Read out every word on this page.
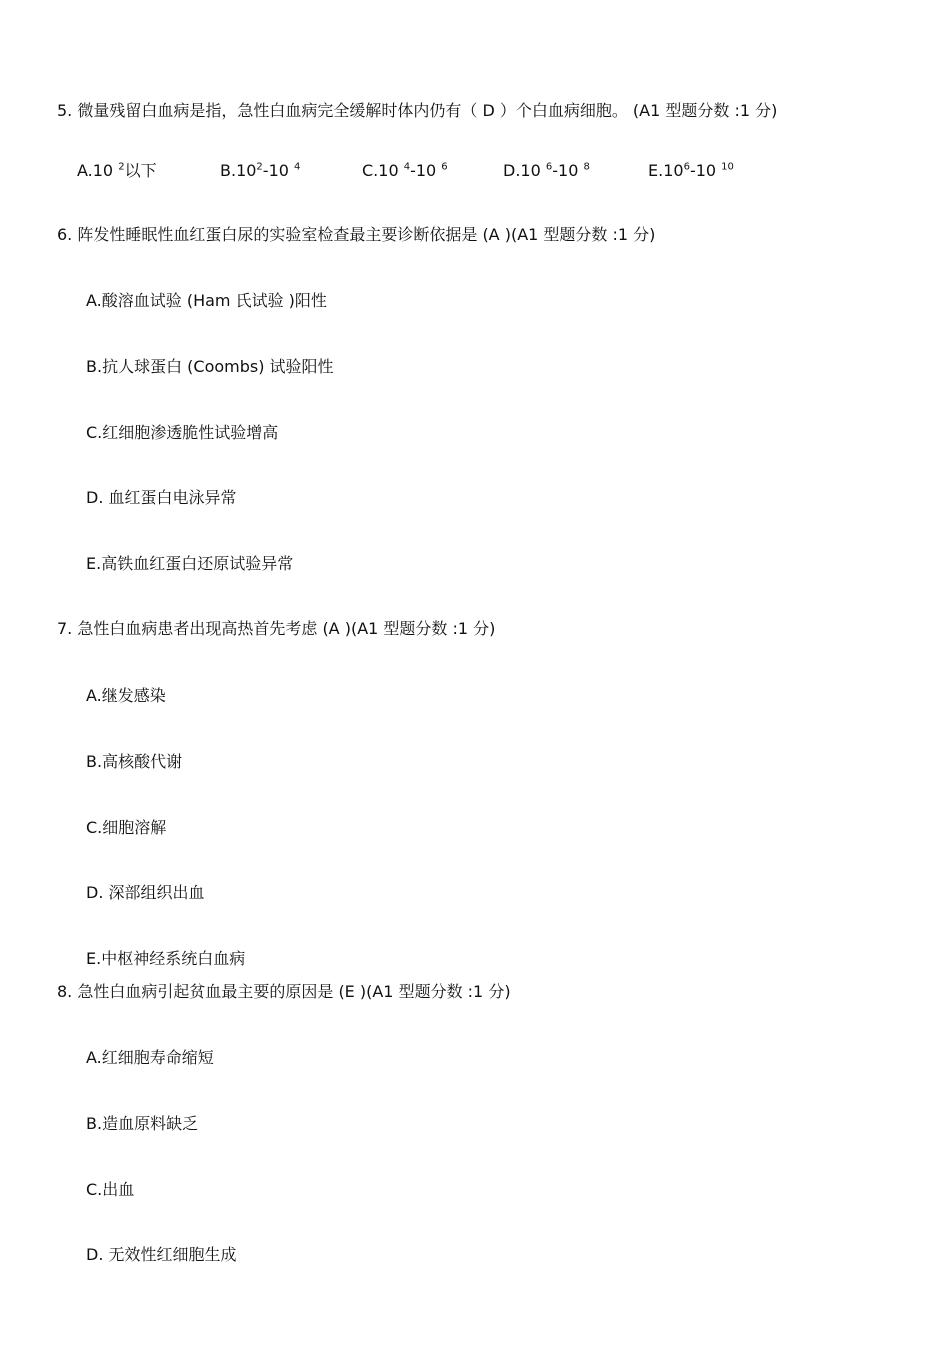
5. 微量残留白血病是指，急性白血病完全缓解时体内仍有（ D ）个白血病细胞。 (A1 型题分数 :1 分)
A.10 $^2$以下	$B.10^2-10$ $^4$	C.10 $^4$-10 $^6$	D.10 $^6$-10 $^8$	$E.10^6-10$ $^{10}$
6. 阵发性睡眠性血红蛋白尿的实验室检查最主要诊断依据是 (A )(A1 型题分数 :1 分)
A.酸溶血试验 (Ham 氏试验 )阳性
B.抗人球蛋白 (Coombs) 试验阳性
C.红细胞渗透脆性试验增高
D. 血红蛋白电泳异常
E.高铁血红蛋白还原试验异常
7. 急性白血病患者出现高热首先考虑 (A )(A1 型题分数 :1 分)
A.继发感染
B.高核酸代谢
C.细胞溶解
D. 深部组织出血
E.中枢神经系统白血病
8. 急性白血病引起贫血最主要的原因是 (E )(A1 型题分数 :1 分)
A.红细胞寿命缩短
B.造血原料缺乏
C.出血
D. 无效性红细胞生成
